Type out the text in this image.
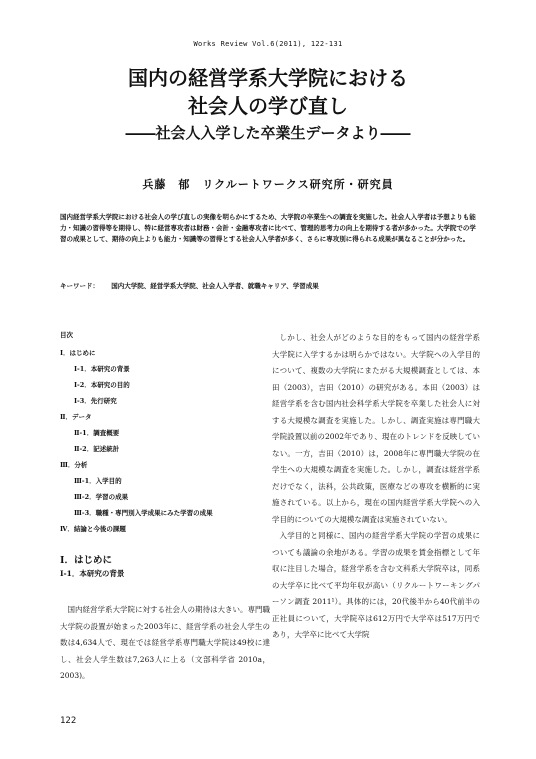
Works Review Vol.6(2011), 122-131
国内の経営学系大学院における
社会人の学び直し
――社会人入学した卒業生データより――
兵藤　郁　リクルートワークス研究所・研究員
国内経営学系大学院における社会人の学び直しの実像を明らかにするため、大学院の卒業生への調査を実施した。社会人入学者は予想よりも能力・知識の習得等を期待し、特に経営専攻者は財務・会計・金融専攻者に比べて、管理的思考力の向上を期待する者が多かった。大学院での学習の成果として、期待の向上よりも能力・知識等の習得とする社会人入学者が多く、さらに専攻別に得られる成果が異なることが分かった。
キーワード： 国内大学院、経営学系大学院、社会人入学者、就職キャリア、学習成果
目次
Ⅰ．はじめに
Ⅰ-1．本研究の背景
Ⅰ-2．本研究の目的
Ⅰ-3．先行研究
Ⅱ．データ
Ⅱ-1．調査概要
Ⅱ-2．記述統計
Ⅲ．分析
Ⅲ-1．入学目的
Ⅲ-2．学習の成果
Ⅲ-3．職種・専門別入学成果にみた学習の成果
Ⅳ．結論と今後の課題
Ⅰ．はじめに
Ⅰ-1．本研究の背景

国内経営学系大学院に対する社会人の期待は大きい。専門職大学院の設置が始まった2003年に、経営学系の社会人学生の数は4,634人で、現在では経営学系専門職大学院は49校に達し、社会人学生数は7,263人に上る（文部科学省 2010a，2003)。

しかし、社会人がどのような目的をもって国内の経営学系大学院に入学するかは明らかではない。大学院への入学目的について、複数の大学院にまたがる大規模調査としては、本田（2003），吉田（2010）の研究がある。本田（2003）は経営学系を含む国内社会科学系大学院を卒業した社会人に対する大規模な調査を実施した。しかし、調査実施は専門職大学院設置以前の2002年であり、現在のトレンドを反映していない。一方，吉田（2010）は，2008年に専門職大学院の在学生への大規模な調査を実施した。しかし，調査は経営学系だけでなく，法科，公共政策，医療などの専攻を横断的に実施されている。以上から，現在の国内経営学系大学院への入学目的についての大規模な調査は実施されていない。

入学目的と同様に、国内の経営学系大学院の学習の成果についても議論の余地がある。学習の成果を賃金指標として年収に注目した場合，経営学系を含む文科系大学院卒は，同系の大学卒に比べて平均年収が高い（リクルートワーキングパーソン調査 2011¹）。具体的には，20代後半から40代前半の正社員について，大学院卒は612万円で大学卒は517万円であり，大学卒に比べて大学院

122
